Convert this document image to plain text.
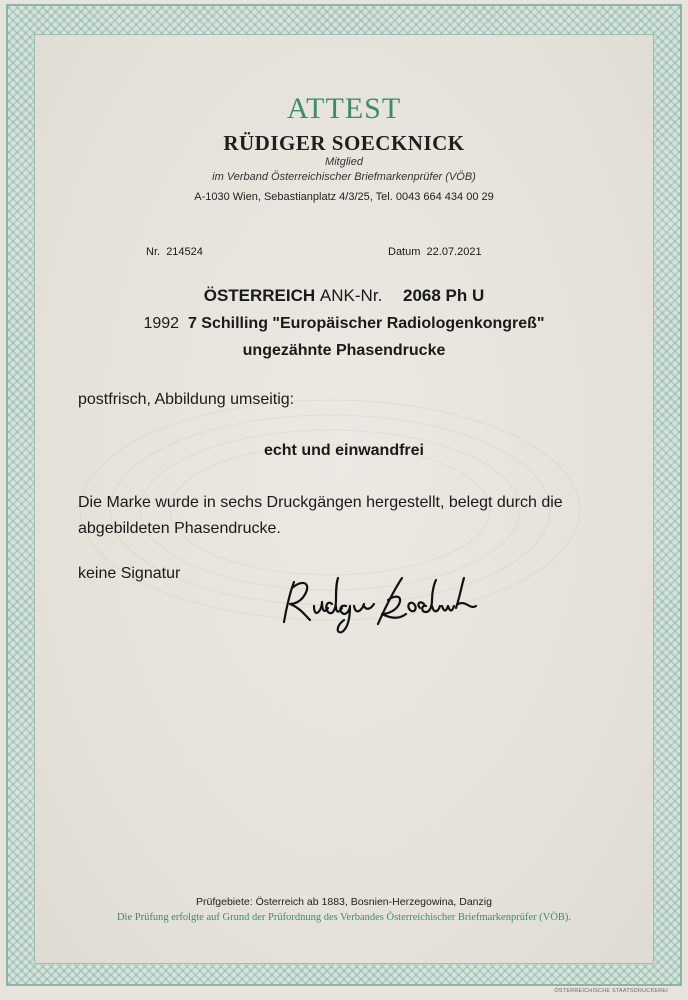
ATTEST
RÜDIGER SOECKNICK
Mitglied
im Verband Österreichischer Briefmarkenprüfer (VÖB)
A-1030 Wien, Sebastianplatz 4/3/25, Tel. 0043 664 434 00 29
Nr. 214524	Datum 22.07.2021
ÖSTERREICH ANK-Nr. 2068 Ph U
1992 7 Schilling "Europäischer Radiologenkongreß"
ungezähnte Phasendrucke
postfrisch, Abbildung umseitig:
echt und einwandfrei
Die Marke wurde in sechs Druckgängen hergestellt, belegt durch die abgebildeten Phasendrucke.
keine Signatur
Prüfgebiete: Österreich ab 1883, Bosnien-Herzegowina, Danzig
Die Prüfung erfolgte auf Grund der Prüfordnung des Verbandes Österreichischer Briefmarkenprüfer (VÖB).
ÖSTERREICHISCHE STAATSDRUCKEREI
